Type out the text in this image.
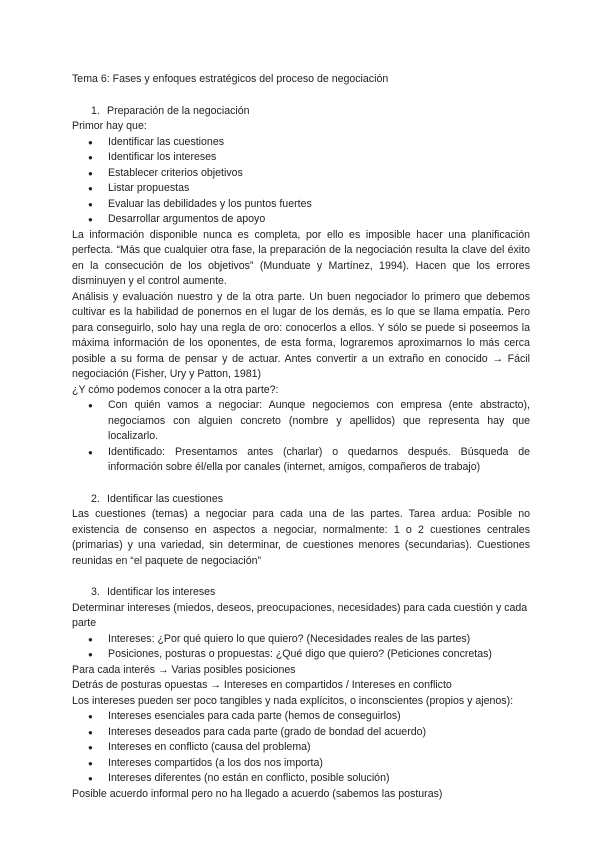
Tema 6: Fases y enfoques estratégicos del proceso de negociación

1. Preparación de la negociación

Primor hay que:

● Identificar las cuestiones
● Identificar los intereses
● Establecer criterios objetivos
● Listar propuestas
● Evaluar las debilidades y los puntos fuertes
● Desarrollar argumentos de apoyo

La información disponible nunca es completa, por ello es imposible hacer una planificación perfecta. “Más que cualquier otra fase, la preparación de la negociación resulta la clave del éxito en la consecución de los objetivos” (Munduate y Martínez, 1994). Hacen que los errores disminuyen y el control aumente.

Análisis y evaluación nuestro y de la otra parte. Un buen negociador lo primero que debemos cultivar es la habilidad de ponernos en el lugar de los demás, es lo que se llama empatía. Pero para conseguirlo, solo hay una regla de oro: conocerlos a ellos. Y sólo se puede si poseemos la máxima información de los oponentes, de esta forma, lograremos aproximarnos lo más cerca posible a su forma de pensar y de actuar. Antes convertir a un extraño en conocido → Fácil negociación (Fisher, Ury y Patton, 1981)

¿Y cómo podemos conocer a la otra parte?:

● Con quién vamos a negociar: Aunque negociemos con empresa (ente abstracto), negociamos con alguien concreto (nombre y apellidos) que representa hay que localizarlo.
● Identificado: Presentamos antes (charlar) o quedarnos después. Búsqueda de información sobre él/ella por canales (internet, amigos, compañeros de trabajo)

2. Identificar las cuestiones

Las cuestiones (temas) a negociar para cada una de las partes. Tarea ardua: Posible no existencia de consenso en aspectos a negociar, normalmente: 1 o 2 cuestiones centrales (primarias) y una variedad, sin determinar, de cuestiones menores (secundarias). Cuestiones reunidas en “el paquete de negociación”

3. Identificar los intereses

Determinar intereses (miedos, deseos, preocupaciones, necesidades) para cada cuestión y cada parte

● Intereses: ¿Por qué quiero lo que quiero? (Necesidades reales de las partes)
● Posiciones, posturas o propuestas: ¿Qué digo que quiero? (Peticiones concretas)

Para cada interés → Varias posibles posiciones

Detrás de posturas opuestas → Intereses en compartidos / Intereses en conflicto

Los intereses pueden ser poco tangibles y nada explícitos, o inconscientes (propios y ajenos):

● Intereses esenciales para cada parte (hemos de conseguirlos)
● Intereses deseados para cada parte (grado de bondad del acuerdo)
● Intereses en conflicto (causa del problema)
● Intereses compartidos (a los dos nos importa)
● Intereses diferentes (no están en conflicto, posible solución)

Posible acuerdo informal pero no ha llegado a acuerdo (sabemos las posturas)
